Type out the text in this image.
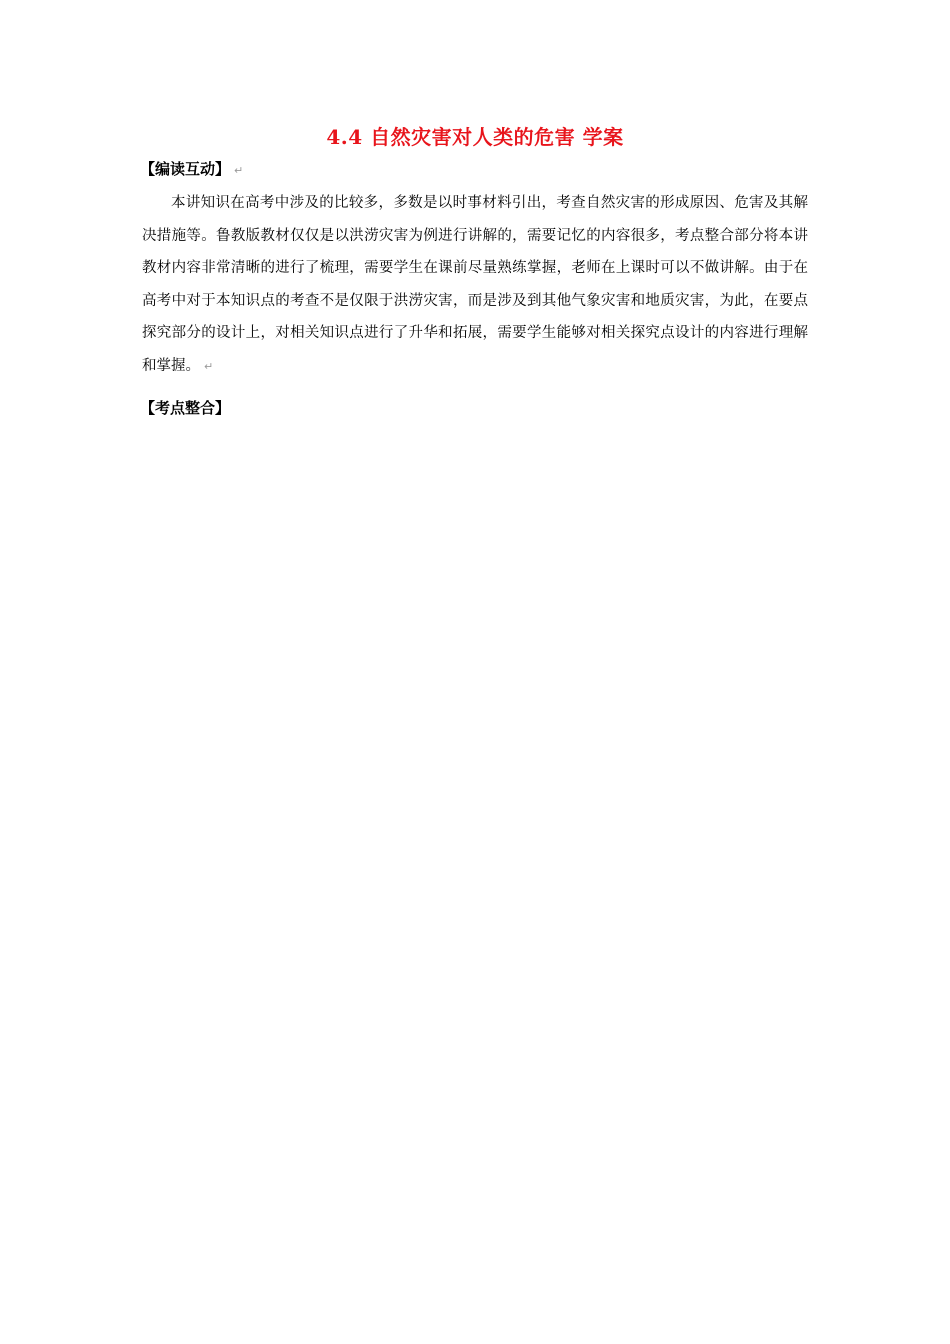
4.4 自然灾害对人类的危害 学案
【编读互动】 ↵
本讲知识在高考中涉及的比较多，多数是以时事材料引出，考查自然灾害的形成原因、危害及其解决措施等。鲁教版教材仅仅是以洪涝灾害为例进行讲解的，需要记忆的内容很多，考点整合部分将本讲教材内容非常清晰的进行了梳理，需要学生在课前尽量熟练掌握，老师在上课时可以不做讲解。由于在高考中对于本知识点的考查不是仅限于洪涝灾害，而是涉及到其他气象灾害和地质灾害，为此，在要点探究部分的设计上，对相关知识点进行了升华和拓展，需要学生能够对相关探究点设计的内容进行理解和掌握。 ↵
【考点整合】
